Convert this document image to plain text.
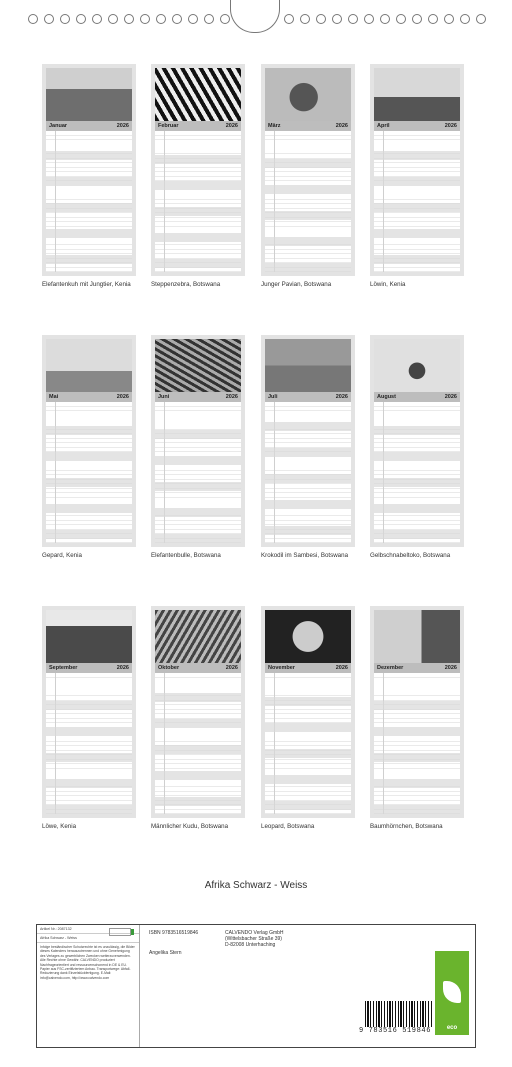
Januar	2026
Elefantenkuh mit Jungtier, Kenia
Februar	2026
Steppenzebra, Botswana
März	2026
Junger Pavian, Botswana
April	2026
Löwin, Kenia
Mai	2026
Gepard, Kenia
Juni	2026
Elefantenbulle, Botswana
Juli	2026
Krokodil im Sambesi, Botswana
August	2026
Gelbschnabeltoko, Botswana
September	2026
Löwe, Kenia
Oktober	2026
Männlicher Kudu, Botswana
November	2026
Leopard, Botswana
Dezember	2026
Baumhörnchen, Botswana
Afrika Schwarz - Weiss
Artikel Nr.: 2087132
Afrika Schwarz - Weiss
Infolge beständischer Schutzrechte ist es unzulässig, die Bilder dieses Kalenders herauszutrennen und ohne Genehmigung des Verlages zu gewerblichen Zwecken weiterzuverwenden. Alle Rechte ohne Gewähr. CALVENDO produziert Nachfrageorientiert und ressourcenschonend in DE & EU. Papier aus FSC-zertifiziertem Anbau. Transportwege: Abfall-Reduzierung dank Einzelstückfertigung. E-Mail: info@calvendo.com, http://www.calvendo.com
ISBN 9783516519846
Angelika Stern
CALVENDO Verlag GmbH
(Wittelsbacher Straße 39)
D-82008 Unterhaching
9 783516 519846	eco
